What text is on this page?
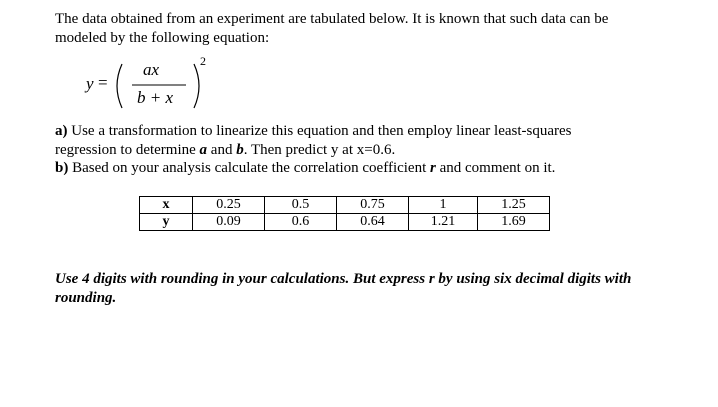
The data obtained from an experiment are tabulated below. It is known that such data can be
modeled by the following equation:
y =
ax
b + x
2
a) Use a transformation to linearize this equation and then employ linear least-squares
regression to determine a and b. Then predict y at x=0.6.
b) Based on your analysis calculate the correlation coefficient r and comment on it.
x	0.25	0.5	0.75	1	1.25
y	0.09	0.6	0.64	1.21	1.69
Use 4 digits with rounding in your calculations. But express r by using six decimal digits with
rounding.
